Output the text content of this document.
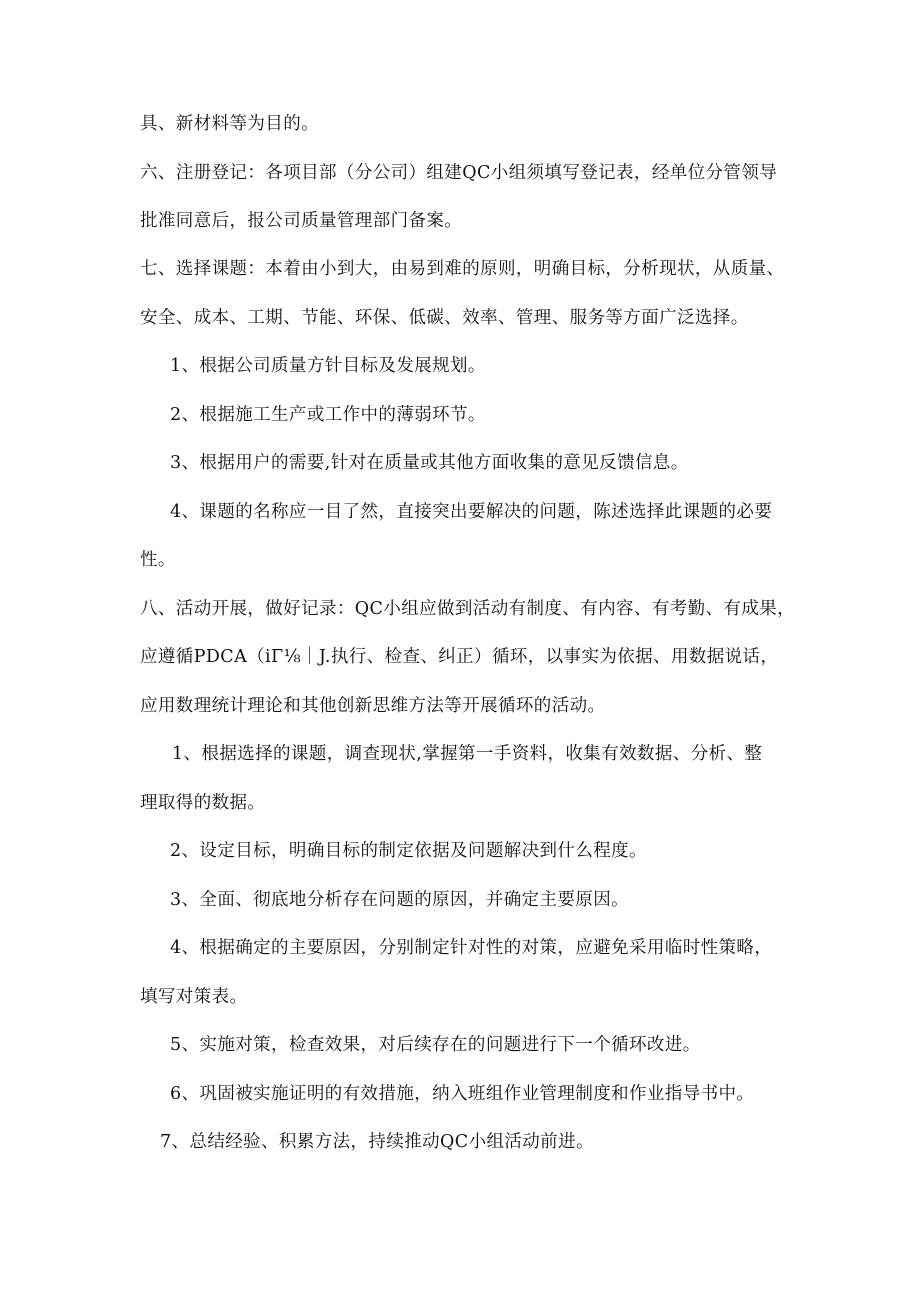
具、新材料等为目的。
六、注册登记：各项目部（分公司）组建QC小组须填写登记表，经单位分管领导
批准同意后，报公司质量管理部门备案。
七、选择课题：本着由小到大，由易到难的原则，明确目标，分析现状，从质量、
安全、成本、工期、节能、环保、低碳、效率、管理、服务等方面广泛选择。
1、根据公司质量方针目标及发展规划。
2、根据施工生产或工作中的薄弱环节。
3、根据用户的需要,针对在质量或其他方面收集的意见反馈信息。
4、课题的名称应一目了然，直接突出要解决的问题，陈述选择此课题的必要
性。
八、活动开展，做好记录：QC小组应做到活动有制度、有内容、有考勤、有成果，
应遵循PDCA（iΓ⅛｜J.执行、检查、纠正）循环，以事实为依据、用数据说话，
应用数理统计理论和其他创新思维方法等开展循环的活动。
1、根据选择的课题，调查现状,掌握第一手资料，收集有效数据、分析、整
理取得的数据。
2、设定目标，明确目标的制定依据及问题解决到什么程度。
3、全面、彻底地分析存在问题的原因，并确定主要原因。
4、根据确定的主要原因，分别制定针对性的对策，应避免采用临时性策略，
填写对策表。
5、实施对策，检查效果，对后续存在的问题进行下一个循环改进。
6、巩固被实施证明的有效措施，纳入班组作业管理制度和作业指导书中。
7、总结经验、积累方法，持续推动QC小组活动前进。
